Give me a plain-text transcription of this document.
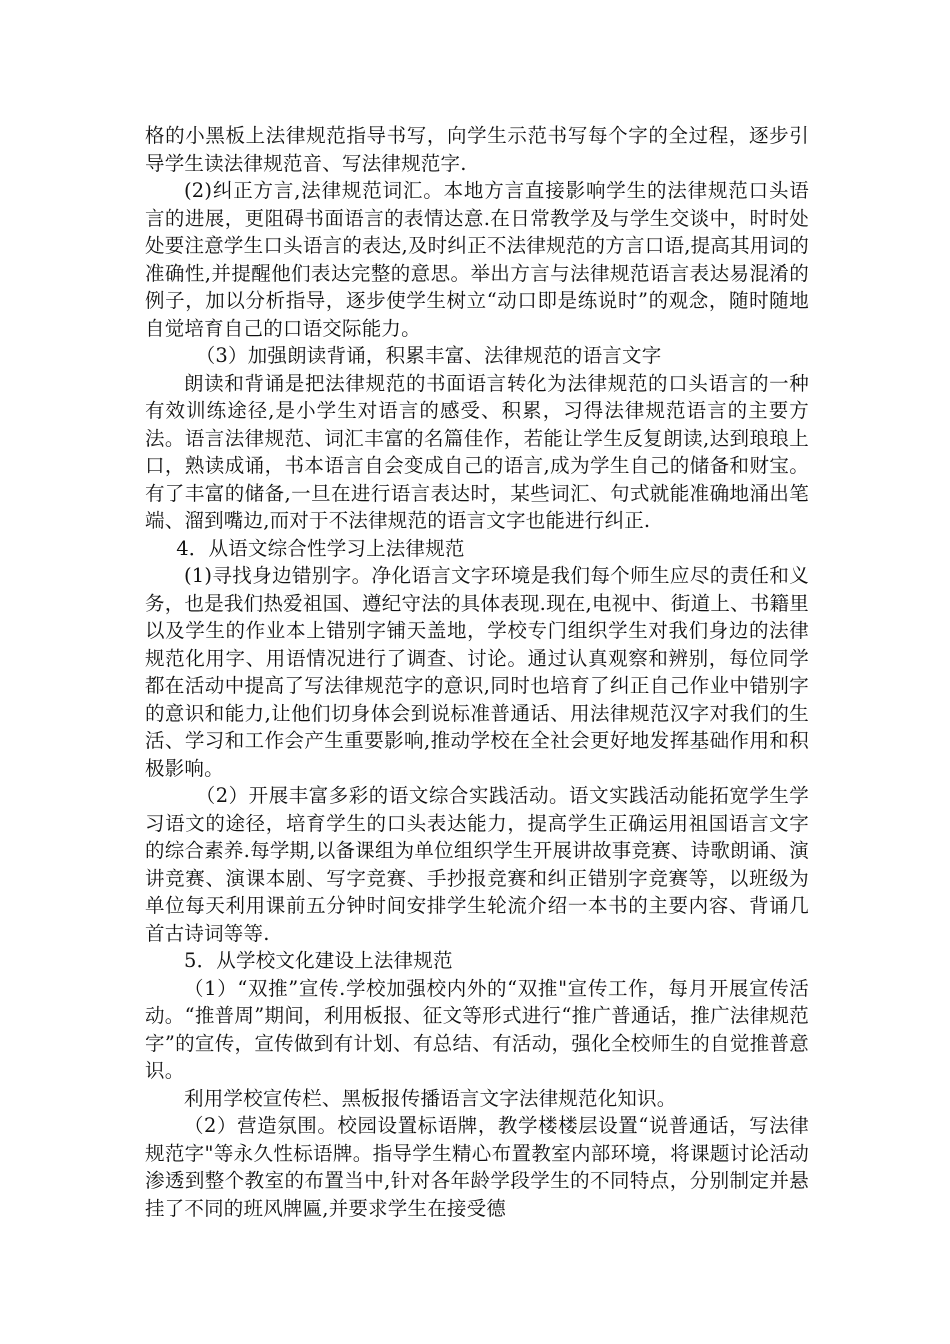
格的小黑板上法律规范指导书写，向学生示范书写每个字的全过程，逐步引导学生读法律规范音、写法律规范字.

(2)纠正方言,法律规范词汇。本地方言直接影响学生的法律规范口头语言的进展，更阻碍书面语言的表情达意.在日常教学及与学生交谈中，时时处处要注意学生口头语言的表达,及时纠正不法律规范的方言口语,提高其用词的准确性,并提醒他们表达完整的意思。举出方言与法律规范语言表达易混淆的例子，加以分析指导，逐步使学生树立“动口即是练说时”的观念，随时随地自觉培育自己的口语交际能力。

（3）加强朗读背诵，积累丰富、法律规范的语言文字

朗读和背诵是把法律规范的书面语言转化为法律规范的口头语言的一种有效训练途径,是小学生对语言的感受、积累，习得法律规范语言的主要方法。语言法律规范、词汇丰富的名篇佳作，若能让学生反复朗读,达到琅琅上口，熟读成诵，书本语言自会变成自己的语言,成为学生自己的储备和财宝。有了丰富的储备,一旦在进行语言表达时，某些词汇、句式就能准确地涌出笔端、溜到嘴边,而对于不法律规范的语言文字也能进行纠正.

4．从语文综合性学习上法律规范

(1)寻找身边错别字。净化语言文字环境是我们每个师生应尽的责任和义务，也是我们热爱祖国、遵纪守法的具体表现.现在,电视中、街道上、书籍里以及学生的作业本上错别字铺天盖地，学校专门组织学生对我们身边的法律规范化用字、用语情况进行了调查、讨论。通过认真观察和辨别，每位同学都在活动中提高了写法律规范字的意识,同时也培育了纠正自己作业中错别字的意识和能力,让他们切身体会到说标准普通话、用法律规范汉字对我们的生活、学习和工作会产生重要影响,推动学校在全社会更好地发挥基础作用和积极影响。

（2）开展丰富多彩的语文综合实践活动。语文实践活动能拓宽学生学习语文的途径，培育学生的口头表达能力，提高学生正确运用祖国语言文字的综合素养.每学期,以备课组为单位组织学生开展讲故事竞赛、诗歌朗诵、演讲竞赛、演课本剧、写字竞赛、手抄报竞赛和纠正错别字竞赛等，以班级为单位每天利用课前五分钟时间安排学生轮流介绍一本书的主要内容、背诵几首古诗词等等.

5．从学校文化建设上法律规范

（1）“双推”宣传.学校加强校内外的“双推"宣传工作，每月开展宣传活动。“推普周”期间，利用板报、征文等形式进行“推广普通话，推广法律规范字”的宣传，宣传做到有计划、有总结、有活动，强化全校师生的自觉推普意识。

利用学校宣传栏、黑板报传播语言文字法律规范化知识。

（2）营造氛围。校园设置标语牌，教学楼楼层设置“说普通话，写法律规范字"等永久性标语牌。指导学生精心布置教室内部环境，将课题讨论活动渗透到整个教室的布置当中,针对各年龄学段学生的不同特点，分别制定并悬挂了不同的班风牌匾,并要求学生在接受德
